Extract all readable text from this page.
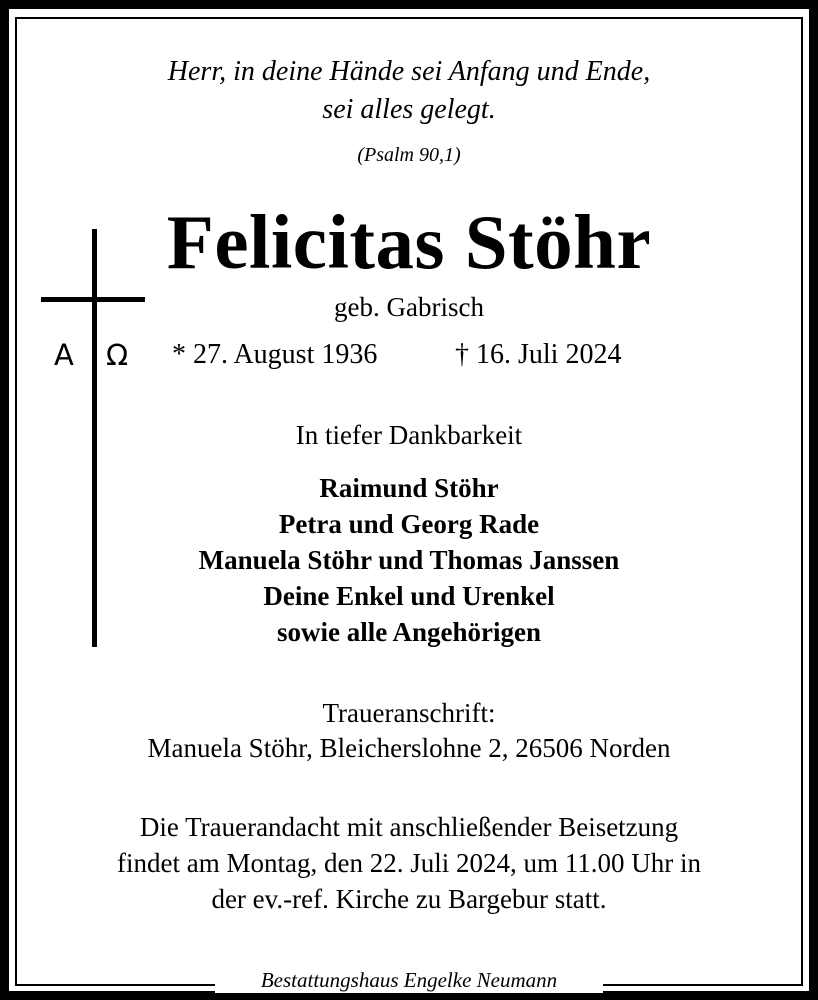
Herr, in deine Hände sei Anfang und Ende,
sei alles gelegt.
(Psalm 90,1)
A Ω
Felicitas Stöhr
geb. Gabrisch
* 27. August 1936	† 16. Juli 2024
In tiefer Dankbarkeit
Raimund Stöhr
Petra und Georg Rade
Manuela Stöhr und Thomas Janssen
Deine Enkel und Urenkel
sowie alle Angehörigen
Traueranschrift:
Manuela Stöhr, Bleicherslohne 2, 26506 Norden
Die Trauerandacht mit anschließender Beisetzung
findet am Montag, den 22. Juli 2024, um 11.00 Uhr in
der ev.-ref. Kirche zu Bargebur statt.
Bestattungshaus Engelke Neumann
